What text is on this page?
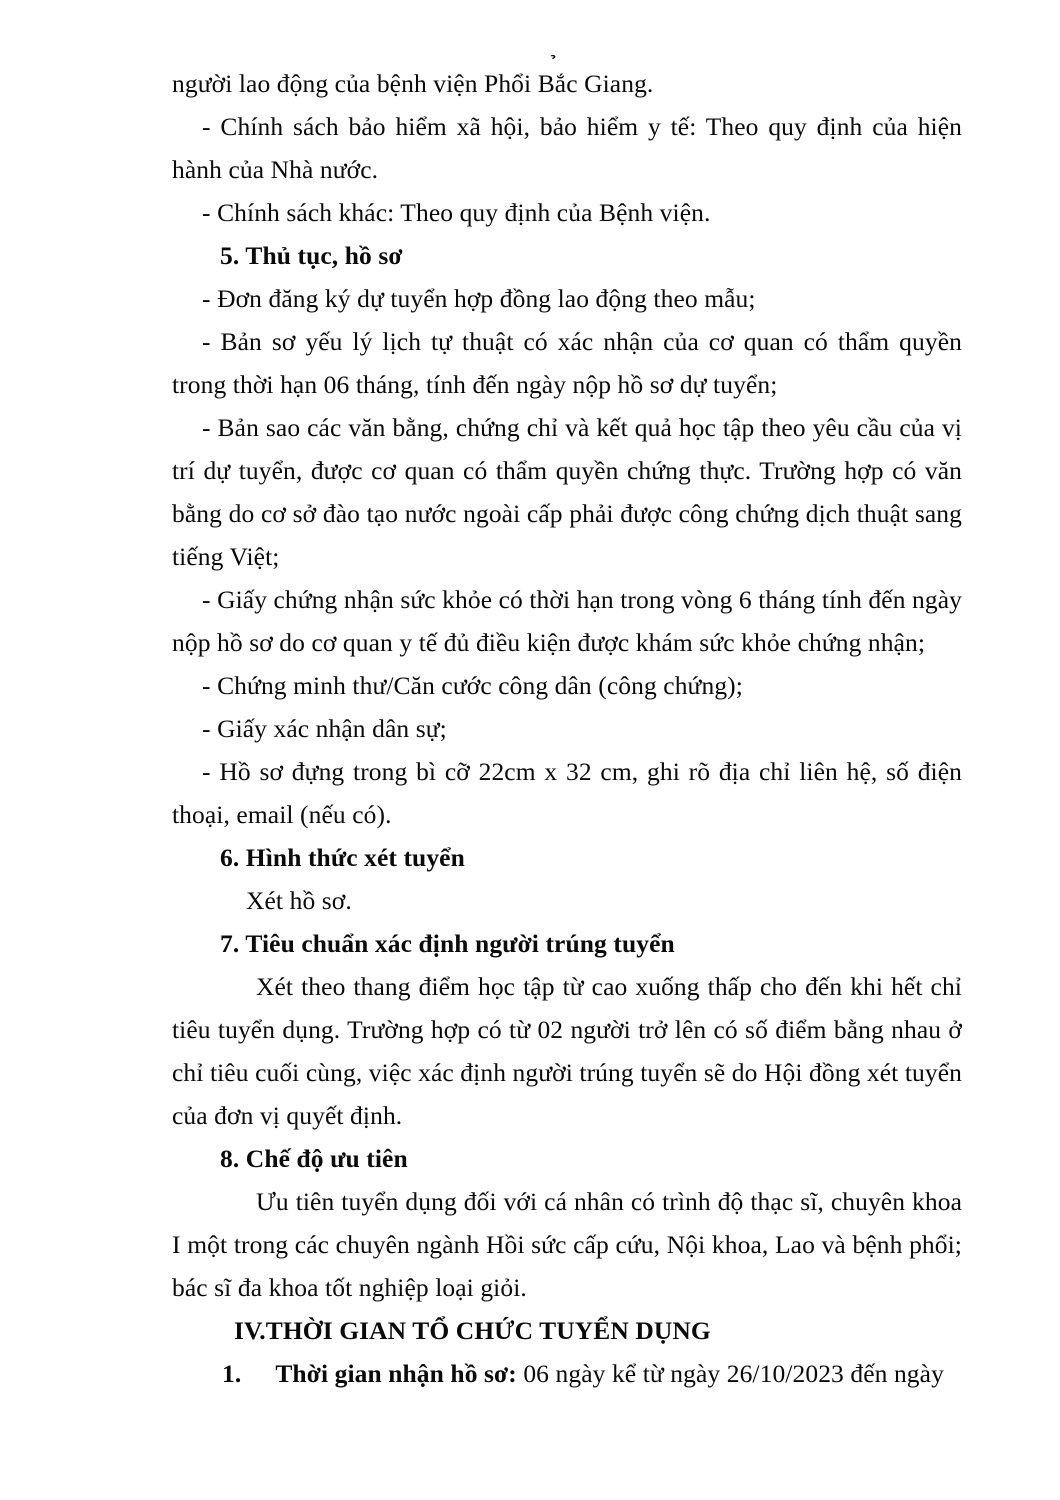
người lao động của bệnh viện Phổi Bắc Giang.

- Chính sách bảo hiểm xã hội, bảo hiểm y tế: Theo quy định của hiện hành của Nhà nước.

- Chính sách khác: Theo quy định của Bệnh viện.

5. Thủ tục, hồ sơ

- Đơn đăng ký dự tuyển hợp đồng lao động theo mẫu;

- Bản sơ yếu lý lịch tự thuật có xác nhận của cơ quan có thẩm quyền trong thời hạn 06 tháng, tính đến ngày nộp hồ sơ dự tuyển;

- Bản sao các văn bằng, chứng chỉ và kết quả học tập theo yêu cầu của vị trí dự tuyển, được cơ quan có thẩm quyền chứng thực. Trường hợp có văn bằng do cơ sở đào tạo nước ngoài cấp phải được công chứng dịch thuật sang tiếng Việt;

- Giấy chứng nhận sức khỏe có thời hạn trong vòng 6 tháng tính đến ngày nộp hồ sơ do cơ quan y tế đủ điều kiện được khám sức khỏe chứng nhận;

- Chứng minh thư/Căn cước công dân (công chứng);

- Giấy xác nhận dân sự;

- Hồ sơ đựng trong bì cỡ 22cm x 32 cm, ghi rõ địa chỉ liên hệ, số điện thoại, email (nếu có).

6. Hình thức xét tuyển

Xét hồ sơ.

7. Tiêu chuẩn xác định người trúng tuyển

Xét theo thang điểm học tập từ cao xuống thấp cho đến khi hết chỉ tiêu tuyển dụng. Trường hợp có từ 02 người trở lên có số điểm bằng nhau ở chỉ tiêu cuối cùng, việc xác định người trúng tuyển sẽ do Hội đồng xét tuyển của đơn vị quyết định.

8. Chế độ ưu tiên

Ưu tiên tuyển dụng đối với cá nhân có trình độ thạc sĩ, chuyên khoa I một trong các chuyên ngành Hồi sức cấp cứu, Nội khoa, Lao và bệnh phổi; bác sĩ đa khoa tốt nghiệp loại giỏi.

IV.THỜI GIAN TỔ CHỨC TUYỂN DỤNG

1. Thời gian nhận hồ sơ: 06 ngày kể từ ngày 26/10/2023 đến ngày
